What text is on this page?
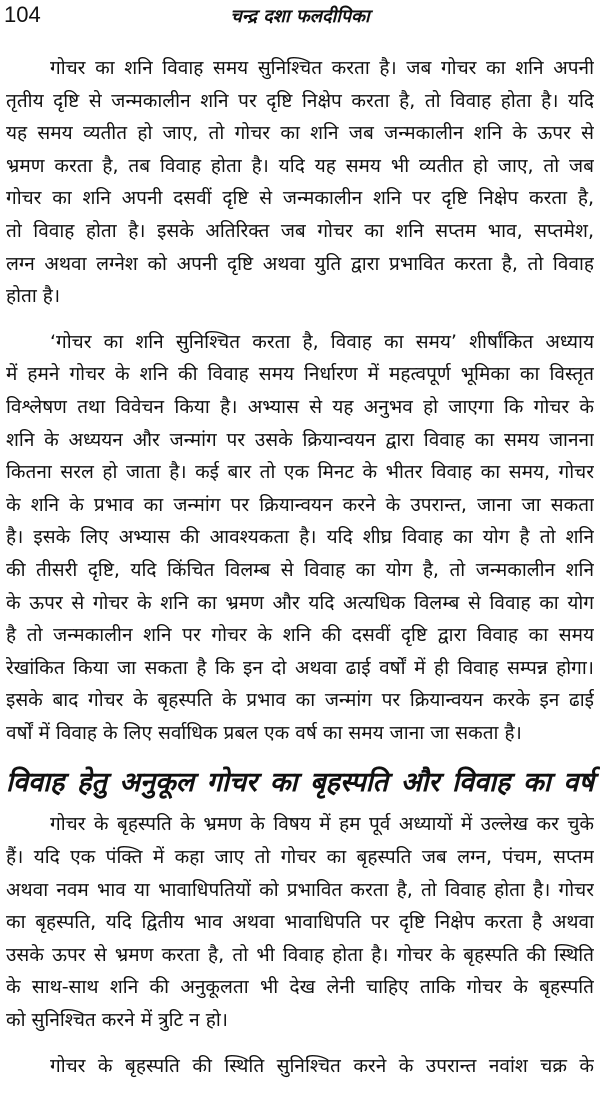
104	चन्द्र दशा फलदीपिका
गोचर का शनि विवाह समय सुनिश्चित करता है। जब गोचर का शनि अपनी
तृतीय दृष्टि से जन्मकालीन शनि पर दृष्टि निक्षेप करता है, तो विवाह होता है। यदि
यह समय व्यतीत हो जाए, तो गोचर का शनि जब जन्मकालीन शनि के ऊपर से
भ्रमण करता है, तब विवाह होता है। यदि यह समय भी व्यतीत हो जाए, तो जब
गोचर का शनि अपनी दसवीं दृष्टि से जन्मकालीन शनि पर दृष्टि निक्षेप करता है,
तो विवाह होता है। इसके अतिरिक्त जब गोचर का शनि सप्तम भाव, सप्तमेश,
लग्न अथवा लग्नेश को अपनी दृष्टि अथवा युति द्वारा प्रभावित करता है, तो विवाह
होता है।
‘गोचर का शनि सुनिश्चित करता है, विवाह का समय’ शीर्षांकित अध्याय
में हमने गोचर के शनि की विवाह समय निर्धारण में महत्वपूर्ण भूमिका का विस्तृत
विश्लेषण तथा विवेचन किया है। अभ्यास से यह अनुभव हो जाएगा कि गोचर के
शनि के अध्ययन और जन्मांग पर उसके क्रियान्वयन द्वारा विवाह का समय जानना
कितना सरल हो जाता है। कई बार तो एक मिनट के भीतर विवाह का समय, गोचर
के शनि के प्रभाव का जन्मांग पर क्रियान्वयन करने के उपरान्त, जाना जा सकता
है। इसके लिए अभ्यास की आवश्यकता है। यदि शीघ्र विवाह का योग है तो शनि
की तीसरी दृष्टि, यदि किंचित विलम्ब से विवाह का योग है, तो जन्मकालीन शनि
के ऊपर से गोचर के शनि का भ्रमण और यदि अत्यधिक विलम्ब से विवाह का योग
है तो जन्मकालीन शनि पर गोचर के शनि की दसवीं दृष्टि द्वारा विवाह का समय
रेखांकित किया जा सकता है कि इन दो अथवा ढाई वर्षों में ही विवाह सम्पन्न होगा।
इसके बाद गोचर के बृहस्पति के प्रभाव का जन्मांग पर क्रियान्वयन करके इन ढाई
वर्षों में विवाह के लिए सर्वाधिक प्रबल एक वर्ष का समय जाना जा सकता है।
विवाह हेतु अनुकूल गोचर का बृहस्पति और विवाह का वर्ष
गोचर के बृहस्पति के भ्रमण के विषय में हम पूर्व अध्यायों में उल्लेख कर चुके
हैं। यदि एक पंक्ति में कहा जाए तो गोचर का बृहस्पति जब लग्न, पंचम, सप्तम
अथवा नवम भाव या भावाधिपतियों को प्रभावित करता है, तो विवाह होता है। गोचर
का बृहस्पति, यदि द्वितीय भाव अथवा भावाधिपति पर दृष्टि निक्षेप करता है अथवा
उसके ऊपर से भ्रमण करता है, तो भी विवाह होता है। गोचर के बृहस्पति की स्थिति
के साथ-साथ शनि की अनुकूलता भी देख लेनी चाहिए ताकि गोचर के बृहस्पति
को सुनिश्चित करने में त्रुटि न हो।
गोचर के बृहस्पति की स्थिति सुनिश्चित करने के उपरान्त नवांश चक्र के
